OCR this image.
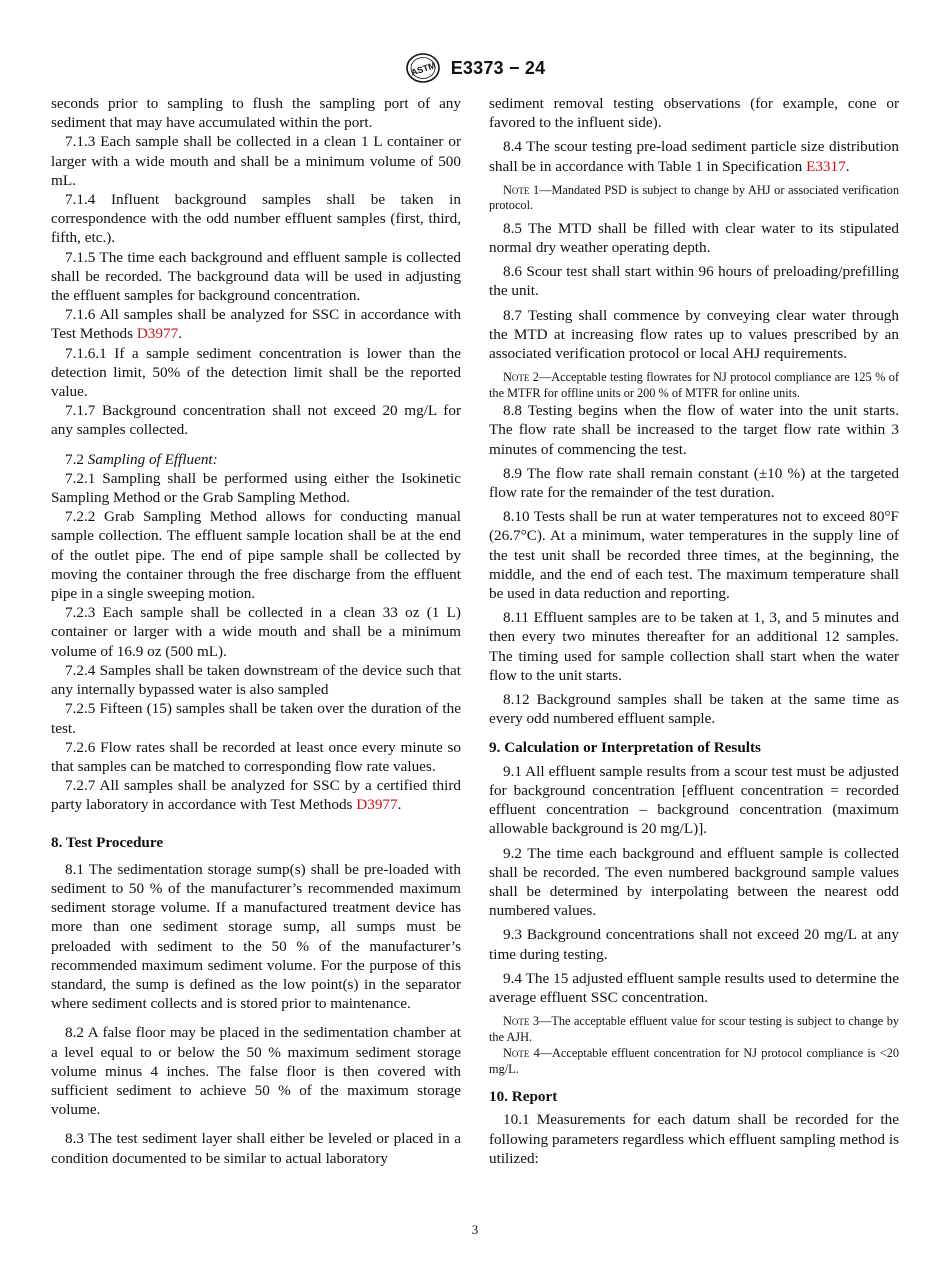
ASTM E3373 − 24

seconds prior to sampling to flush the sampling port of any sediment that may have accumulated within the port.

7.1.3 Each sample shall be collected in a clean 1 L container or larger with a wide mouth and shall be a minimum volume of 500 mL.

7.1.4 Influent background samples shall be taken in correspondence with the odd number effluent samples (first, third, fifth, etc.).

7.1.5 The time each background and effluent sample is collected shall be recorded. The background data will be used in adjusting the effluent samples for background concentration.

7.1.6 All samples shall be analyzed for SSC in accordance with Test Methods D3977.

7.1.6.1 If a sample sediment concentration is lower than the detection limit, 50% of the detection limit shall be the reported value.

7.1.7 Background concentration shall not exceed 20 mg/L for any samples collected.

7.2 Sampling of Effluent:

7.2.1 Sampling shall be performed using either the Isokinetic Sampling Method or the Grab Sampling Method.

7.2.2 Grab Sampling Method allows for conducting manual sample collection. The effluent sample location shall be at the end of the outlet pipe. The end of pipe sample shall be collected by moving the container through the free discharge from the effluent pipe in a single sweeping motion.

7.2.3 Each sample shall be collected in a clean 33 oz (1 L) container or larger with a wide mouth and shall be a minimum volume of 16.9 oz (500 mL).

7.2.4 Samples shall be taken downstream of the device such that any internally bypassed water is also sampled

7.2.5 Fifteen (15) samples shall be taken over the duration of the test.

7.2.6 Flow rates shall be recorded at least once every minute so that samples can be matched to corresponding flow rate values.

7.2.7 All samples shall be analyzed for SSC by a certified third party laboratory in accordance with Test Methods D3977.

8. Test Procedure

8.1 The sedimentation storage sump(s) shall be pre-loaded with sediment to 50 % of the manufacturer’s recommended maximum sediment storage volume. If a manufactured treatment device has more than one sediment storage sump, all sumps must be preloaded with sediment to the 50 % of the manufacturer’s recommended maximum sediment volume. For the purpose of this standard, the sump is defined as the low point(s) in the separator where sediment collects and is stored prior to maintenance.

8.2 A false floor may be placed in the sedimentation chamber at a level equal to or below the 50 % maximum sediment storage volume minus 4 inches. The false floor is then covered with sufficient sediment to achieve 50 % of the maximum storage volume.

8.3 The test sediment layer shall either be leveled or placed in a condition documented to be similar to actual laboratory

sediment removal testing observations (for example, cone or favored to the influent side).

8.4 The scour testing pre-load sediment particle size distribution shall be in accordance with Table 1 in Specification E3317.

Note 1—Mandated PSD is subject to change by AHJ or associated verification protocol.

8.5 The MTD shall be filled with clear water to its stipulated normal dry weather operating depth.

8.6 Scour test shall start within 96 hours of preloading/prefilling the unit.

8.7 Testing shall commence by conveying clear water through the MTD at increasing flow rates up to values prescribed by an associated verification protocol or local AHJ requirements.

Note 2—Acceptable testing flowrates for NJ protocol compliance are 125 % of the MTFR for offline units or 200 % of MTFR for online units.

8.8 Testing begins when the flow of water into the unit starts. The flow rate shall be increased to the target flow rate within 3 minutes of commencing the test.

8.9 The flow rate shall remain constant (±10 %) at the targeted flow rate for the remainder of the test duration.

8.10 Tests shall be run at water temperatures not to exceed 80°F (26.7°C). At a minimum, water temperatures in the supply line of the test unit shall be recorded three times, at the beginning, the middle, and the end of each test. The maximum temperature shall be used in data reduction and reporting.

8.11 Effluent samples are to be taken at 1, 3, and 5 minutes and then every two minutes thereafter for an additional 12 samples. The timing used for sample collection shall start when the water flow to the unit starts.

8.12 Background samples shall be taken at the same time as every odd numbered effluent sample.

9. Calculation or Interpretation of Results

9.1 All effluent sample results from a scour test must be adjusted for background concentration [effluent concentration = recorded effluent concentration – background concentration (maximum allowable background is 20 mg/L)].

9.2 The time each background and effluent sample is collected shall be recorded. The even numbered background sample values shall be determined by interpolating between the nearest odd numbered values.

9.3 Background concentrations shall not exceed 20 mg/L at any time during testing.

9.4 The 15 adjusted effluent sample results used to determine the average effluent SSC concentration.

Note 3—The acceptable effluent value for scour testing is subject to change by the AJH.
Note 4—Acceptable effluent concentration for NJ protocol compliance is <20 mg/L.
10. Report

10.1 Measurements for each datum shall be recorded for the following parameters regardless which effluent sampling method is utilized:

3
